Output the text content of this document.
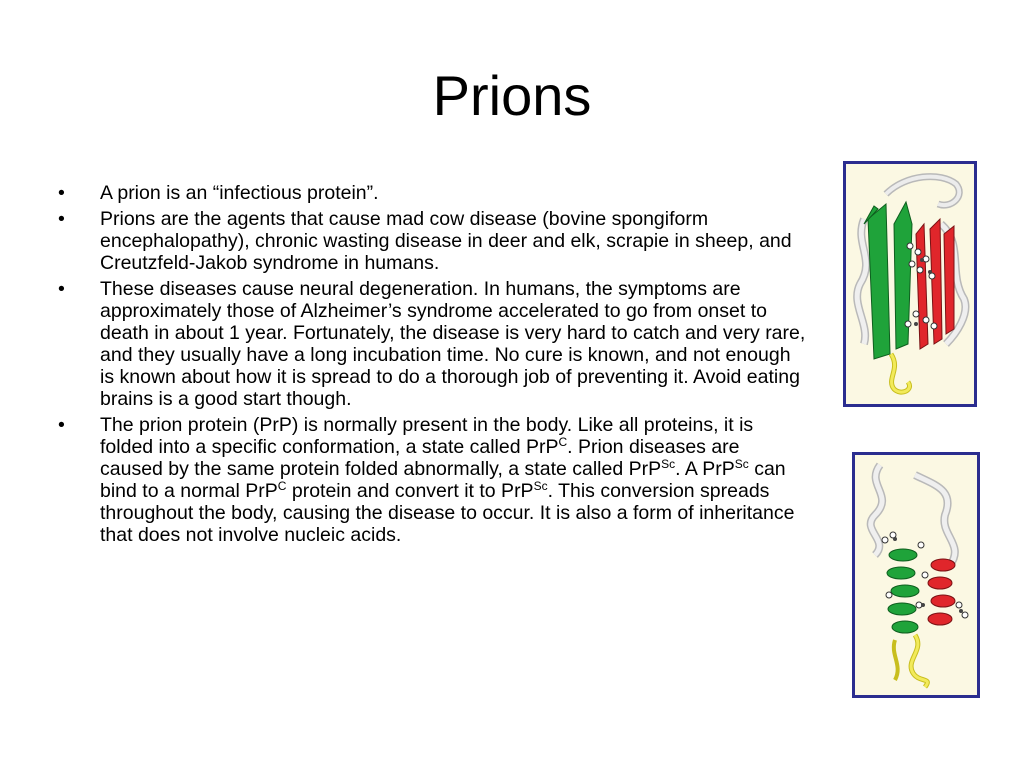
Prions
• A prion is an “infectious protein”.
• Prions are the agents that cause mad cow disease (bovine spongiform encephalopathy), chronic wasting disease in deer and elk, scrapie in sheep, and Creutzfeld-Jakob syndrome in humans.
• These diseases cause neural degeneration. In humans, the symptoms are approximately those of Alzheimer’s syndrome accelerated to go from onset to death in about 1 year. Fortunately, the disease is very hard to catch and very rare, and they usually have a long incubation time. No cure is known, and not enough is known about how it is spread to do a thorough job of preventing it. Avoid eating brains is a good start though.
• The prion protein (PrP) is normally present in the body. Like all proteins, it is folded into a specific conformation, a state called PrP$^C$. Prion diseases are caused by the same protein folded abnormally, a state called PrP$^{Sc}$. A PrP$^{Sc}$ can bind to a normal PrP$^C$ protein and convert it to PrP$^{Sc}$. This conversion spreads throughout the body, causing the disease to occur. It is also a form of inheritance that does not involve nucleic acids.
